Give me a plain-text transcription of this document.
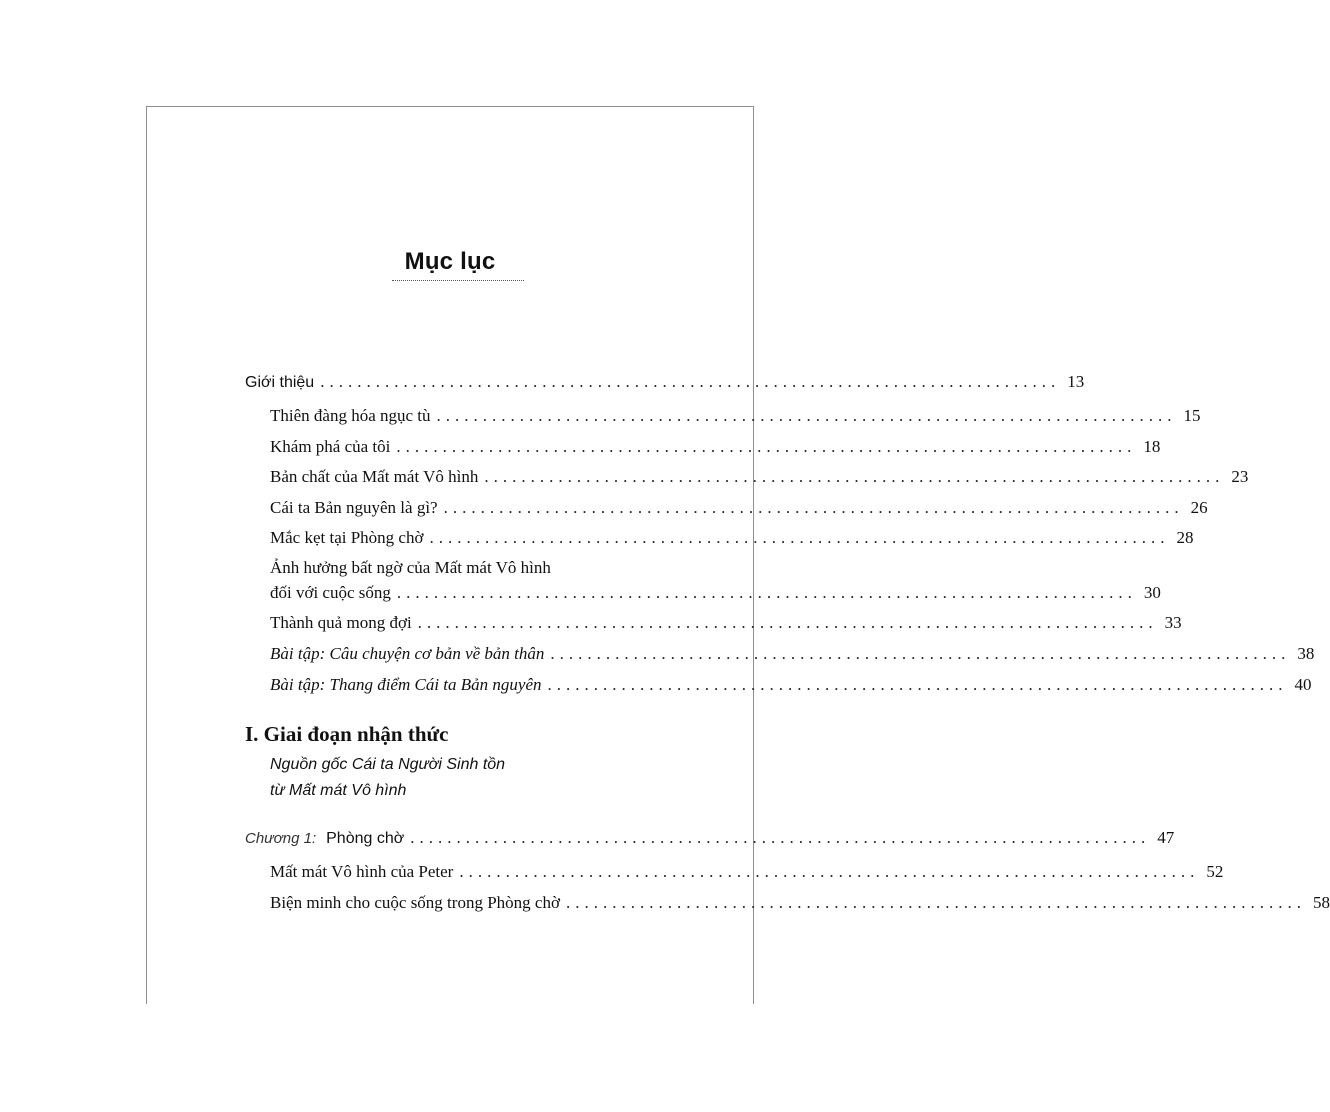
Mục lục
Giới thiệu ................................................................................ 13
Thiên đàng hóa ngục tù ................................................................................ 15
Khám phá của tôi ................................................................................ 18
Bản chất của Mất mát Vô hình ................................................................................ 23
Cái ta Bản nguyên là gì? ................................................................................ 26
Mắc kẹt tại Phòng chờ ................................................................................ 28
Ảnh hưởng bất ngờ của Mất mát Vô hình
đối với cuộc sống ................................................................................ 30
Thành quả mong đợi ................................................................................ 33
Bài tập: Câu chuyện cơ bản về bản thân ................................................................................ 38
Bài tập: Thang điểm Cái ta Bản nguyên ................................................................................ 40
I. Giai đoạn nhận thức
Nguồn gốc Cái ta Người Sinh tồn
từ Mất mát Vô hình
Chương 1: Phòng chờ ................................................................................ 47
Mất mát Vô hình của Peter ................................................................................ 52
Biện minh cho cuộc sống trong Phòng chờ ................................................................................ 58
